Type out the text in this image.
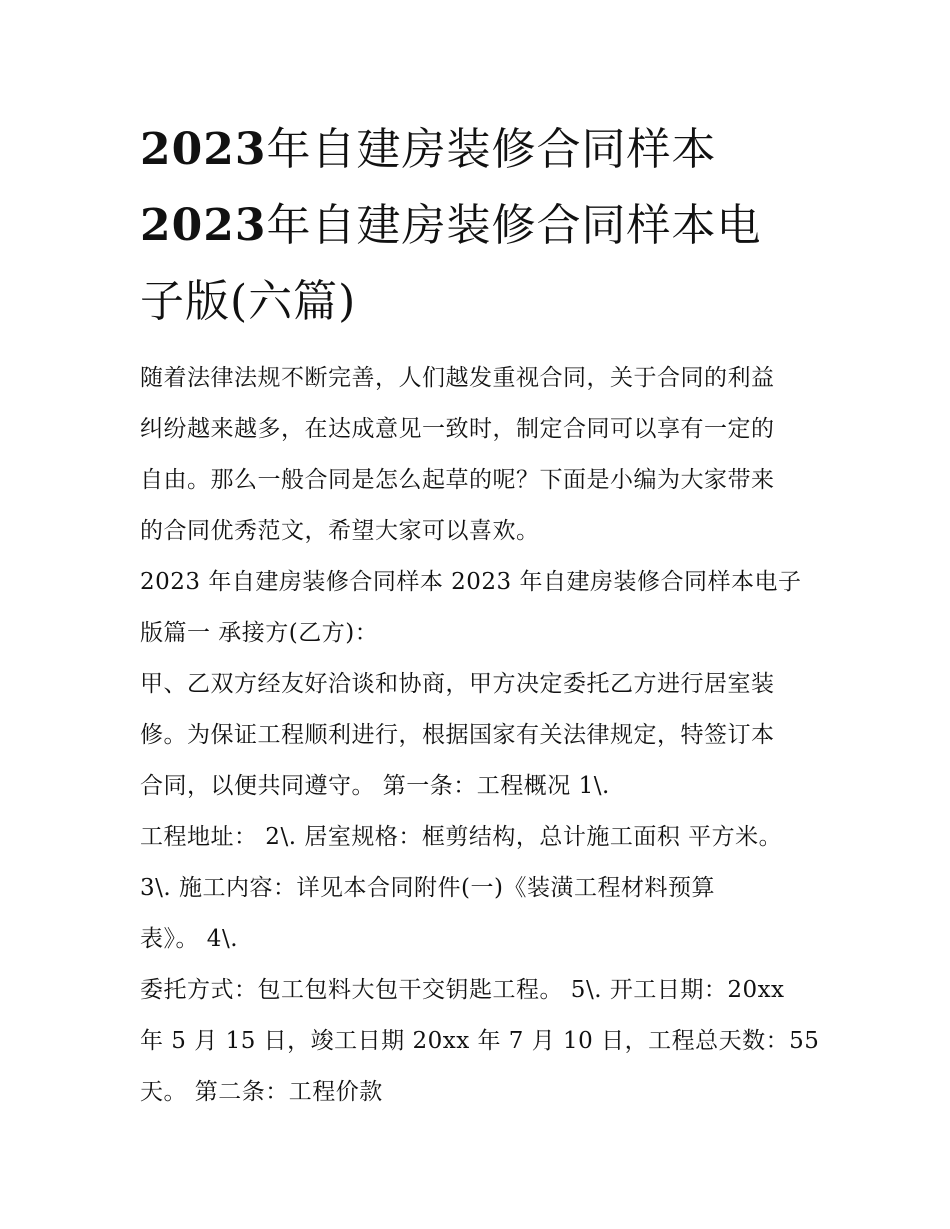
2023年自建房装修合同样本
2023年自建房装修合同样本电
子版(六篇)

随着法律法规不断完善，人们越发重视合同，关于合同的利益
纠纷越来越多，在达成意见一致时，制定合同可以享有一定的
自由。那么一般合同是怎么起草的呢？下面是小编为大家带来
的合同优秀范文，希望大家可以喜欢。

2023 年自建房装修合同样本 2023 年自建房装修合同样本电子
版篇一 承接方(乙方)：

甲、乙双方经友好洽谈和协商，甲方决定委托乙方进行居室装
修。为保证工程顺利进行，根据国家有关法律规定，特签订本
合同，以便共同遵守。 第一条：工程概况 1\.

工程地址： 2\. 居室规格：框剪结构，总计施工面积 平方米。

3\. 施工内容：详见本合同附件(一)《装潢工程材料预算
表》。 4\.

委托方式：包工包料大包干交钥匙工程。 5\. 开工日期：20xx
年 5 月 15 日，竣工日期 20xx 年 7 月 10 日，工程总天数：55
天。 第二条：工程价款
